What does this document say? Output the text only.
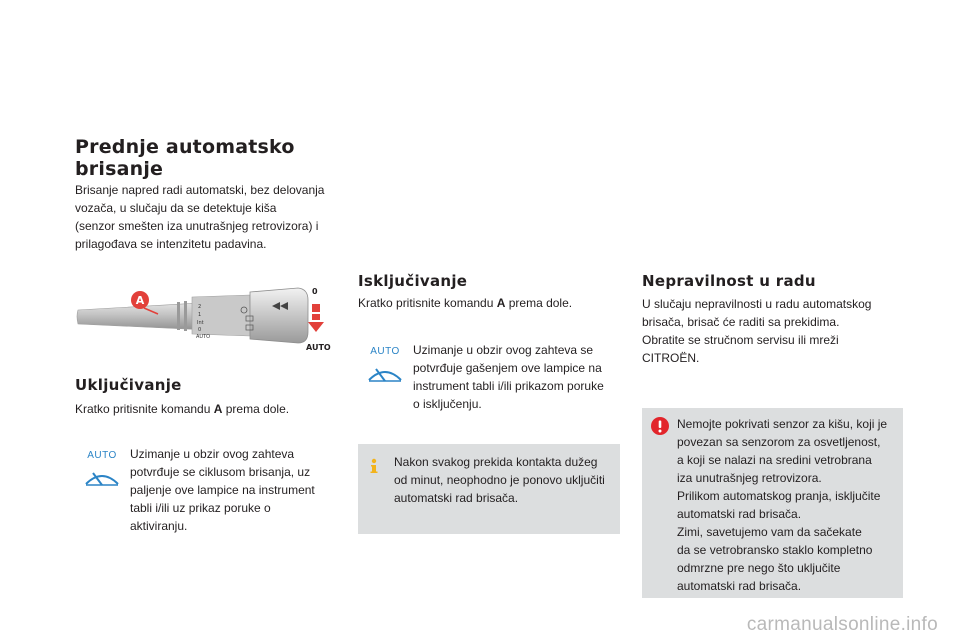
Prednje automatsko
brisanje

Brisanje napred radi automatski, bez delovanja
vozača, u slučaju da se detektuje kiša
(senzor smešten iza unutrašnjeg retrovizora) i
prilagođava se intenzitetu padavina.

2
1
Int
0
AUTO
0
AUTO
A
Uključivanje

Kratko pritisnite komandu A prema dole.

AUTO	Uzimanje u obzir ovog zahteva
potvrđuje se ciklusom brisanja, uz
paljenje ove lampice na instrument
tabli i/ili uz prikaz poruke o
aktiviranju.

Isključivanje

Kratko pritisnite komandu A prema dole.

AUTO	Uzimanje u obzir ovog zahteva se
potvrđuje gašenjem ove lampice na
instrument tabli i/ili prikazom poruke
o isključenju.

Nakon svakog prekida kontakta dužeg
od minut, neophodno je ponovo uključiti
automatski rad brisača.

Nepravilnost u radu

U slučaju nepravilnosti u radu automatskog
brisača, brisač će raditi sa prekidima.
Obratite se stručnom servisu ili mreži
CITROËN.

Nemojte pokrivati senzor za kišu, koji je
povezan sa senzorom za osvetljenost,
a koji se nalazi na sredini vetrobrana
iza unutrašnjeg retrovizora.
Prilikom automatskog pranja, isključite
automatski rad brisača.
Zimi, savetujemo vam da sačekate
da se vetrobransko staklo kompletno
odmrzne pre nego što uključite
automatski rad brisača.

carmanualsonline.info
